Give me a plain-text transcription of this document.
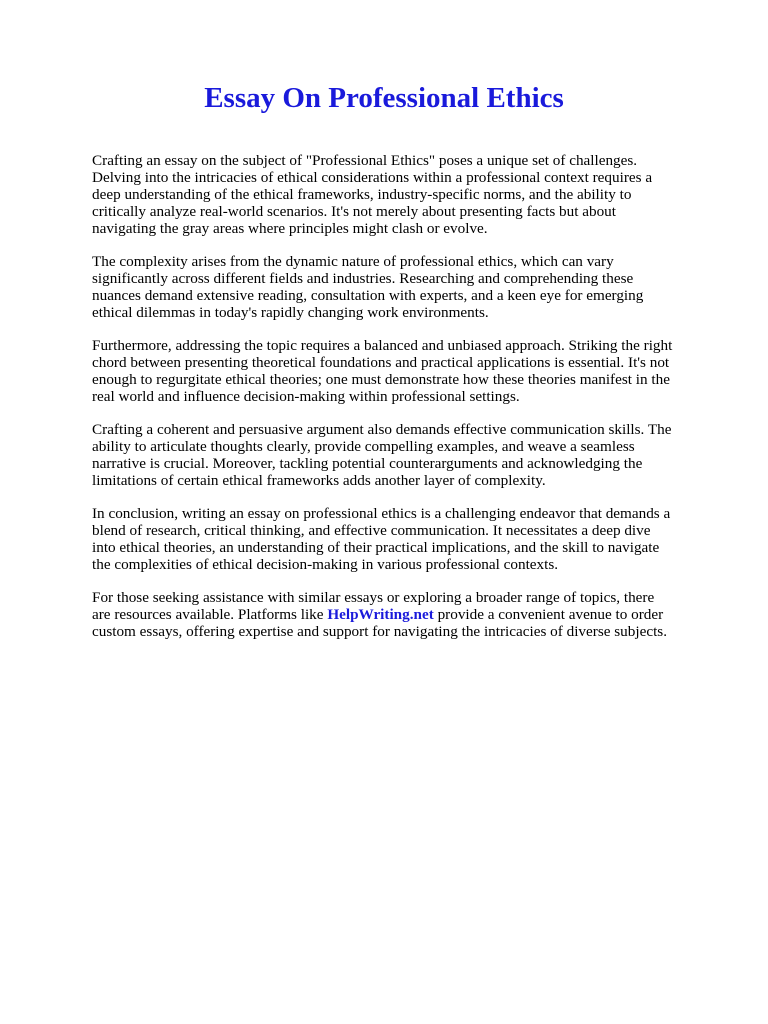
Essay On Professional Ethics

Crafting an essay on the subject of "Professional Ethics" poses a unique set of challenges. Delving into the intricacies of ethical considerations within a professional context requires a deep understanding of the ethical frameworks, industry-specific norms, and the ability to critically analyze real-world scenarios. It's not merely about presenting facts but about navigating the gray areas where principles might clash or evolve.

The complexity arises from the dynamic nature of professional ethics, which can vary significantly across different fields and industries. Researching and comprehending these nuances demand extensive reading, consultation with experts, and a keen eye for emerging ethical dilemmas in today's rapidly changing work environments.

Furthermore, addressing the topic requires a balanced and unbiased approach. Striking the right chord between presenting theoretical foundations and practical applications is essential. It's not enough to regurgitate ethical theories; one must demonstrate how these theories manifest in the real world and influence decision-making within professional settings.

Crafting a coherent and persuasive argument also demands effective communication skills. The ability to articulate thoughts clearly, provide compelling examples, and weave a seamless narrative is crucial. Moreover, tackling potential counterarguments and acknowledging the limitations of certain ethical frameworks adds another layer of complexity.

In conclusion, writing an essay on professional ethics is a challenging endeavor that demands a blend of research, critical thinking, and effective communication. It necessitates a deep dive into ethical theories, an understanding of their practical implications, and the skill to navigate the complexities of ethical decision-making in various professional contexts.

For those seeking assistance with similar essays or exploring a broader range of topics, there are resources available. Platforms like HelpWriting.net provide a convenient avenue to order custom essays, offering expertise and support for navigating the intricacies of diverse subjects.
